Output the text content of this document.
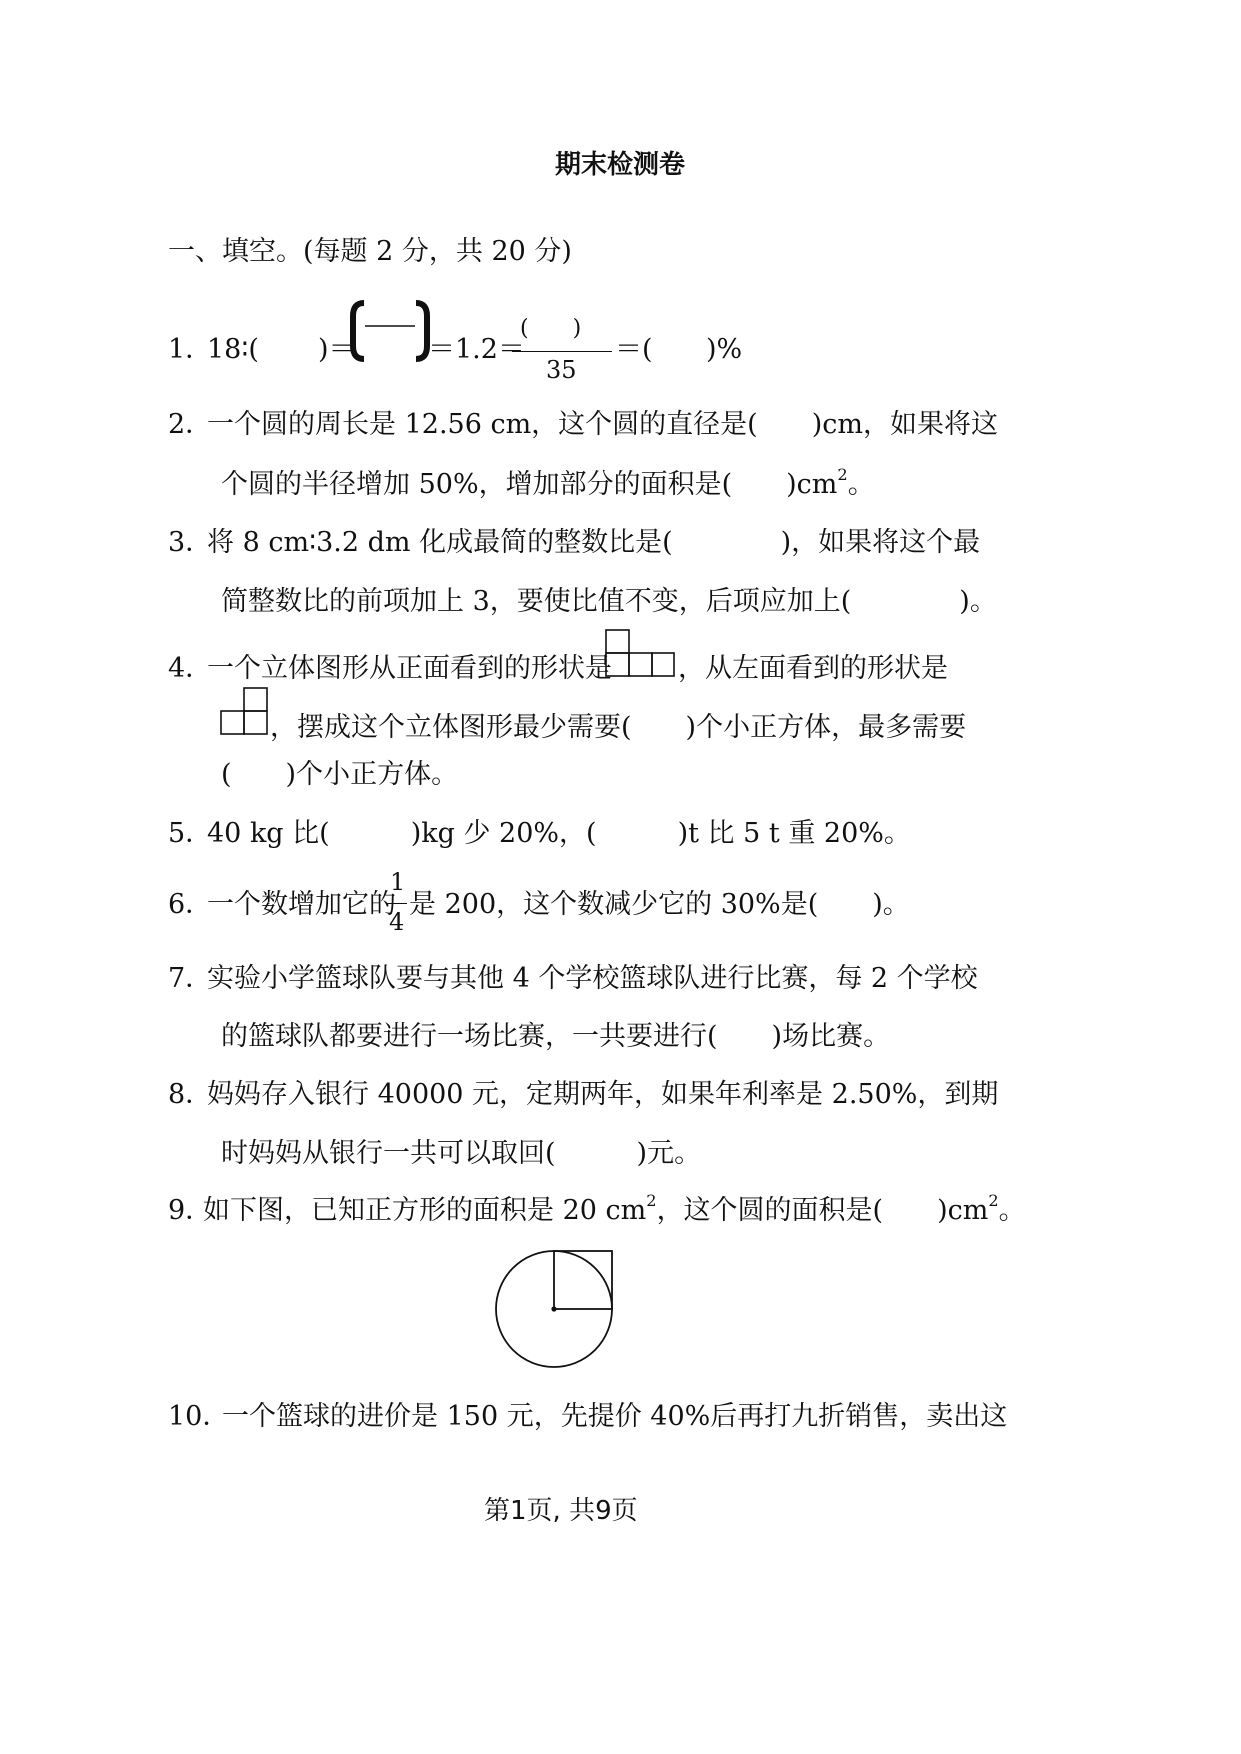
期末检测卷
一、填空。(每题 2 分，共 20 分)
1．
18∶( )＝	＝1.2＝
(　　)
35
＝( )%
2．
一个圆的周长是 12.56 cm，这个圆的直径是(　　)cm，如果将这
个圆的半径增加 50%，增加部分的面积是(　　)$cm^2$。
3．
将 8 cm∶3.2 dm 化成最简的整数比是(　　　　)，如果将这个最
简整数比的前项加上 3，要使比值不变，后项应加上(　　　　)。
4．
一个立体图形从正面看到的形状是 ，从左面看到的形状是
，摆成这个立体图形最少需要(　　)个小正方体，最多需要
(　　)个小正方体。
5．
40 kg 比(　　　)kg 少 20%，(　　　)t 比 5 t 重 20%。
6．
一个数增加它的
1
4
是 200，这个数减少它的 30%是(　　)。
7．
实验小学篮球队要与其他 4 个学校篮球队进行比赛，每 2 个学校
的篮球队都要进行一场比赛，一共要进行(　　)场比赛。
8．
妈妈存入银行 40000 元，定期两年，如果年利率是 2.50%，到期
时妈妈从银行一共可以取回(　　　)元。
9．
如下图，已知正方形的面积是 20 $cm^2$，这个圆的面积是(　　)$cm^2$。
10．
一个篮球的进价是 150 元，先提价 40%后再打九折销售，卖出这
第1页, 共9页
